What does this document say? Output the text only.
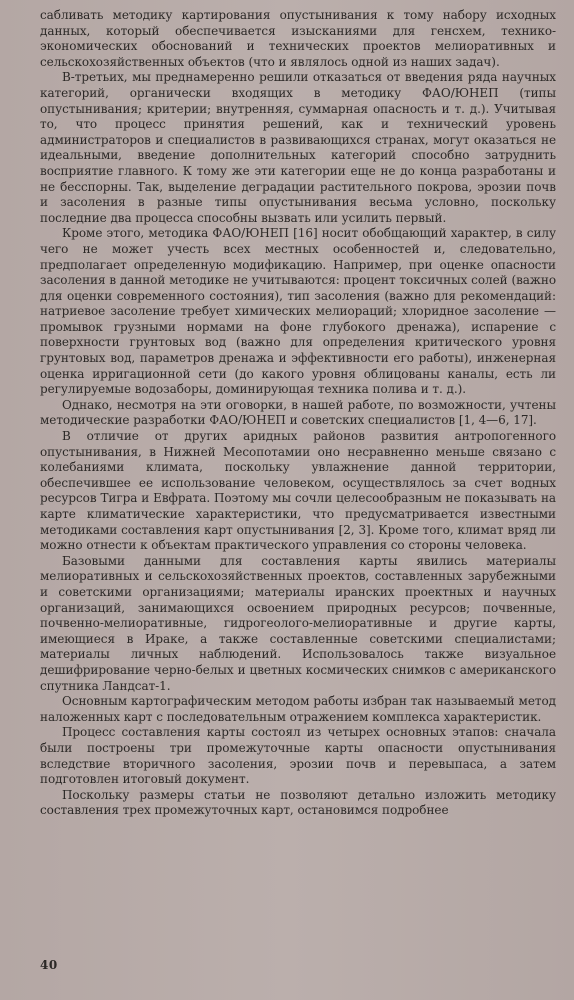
сабливать методику картирования опустынивания к тому набору исходных данных, который обеспечивается изысканиями для генсхем, технико-экономических обоснований и технических проектов мелиоративных и сельскохозяйственных объектов (что и являлось одной из наших задач).

В-третьих, мы преднамеренно решили отказаться от введения ряда научных категорий, органически входящих в методику ФАО/ЮНЕП (типы опустынивания; критерии; внутренняя, суммарная опасность и т. д.). Учитывая то, что процесс принятия решений, как и технический уровень администраторов и специалистов в развивающихся странах, могут оказаться не идеальными, введение дополнительных категорий способно затруднить восприятие главного. К тому же эти категории еще не до конца разработаны и не бесспорны. Так, выделение деградации растительного покрова, эрозии почв и засоления в разные типы опустынивания весьма условно, поскольку последние два процесса способны вызвать или усилить первый.

Кроме этого, методика ФАО/ЮНЕП [16] носит обобщающий характер, в силу чего не может учесть всех местных особенностей и, следовательно, предполагает определенную модификацию. Например, при оценке опасности засоления в данной методике не учитываются: процент токсичных солей (важно для оценки современного состояния), тип засоления (важно для рекомендаций: натриевое засоление требует химических мелиораций; хлоридное засоление — промывок грузными нормами на фоне глубокого дренажа), испарение с поверхности грунтовых вод (важно для определения критического уровня грунтовых вод, параметров дренажа и эффективности его работы), инженерная оценка ирригационной сети (до какого уровня облицованы каналы, есть ли регулируемые водозаборы, доминирующая техника полива и т. д.).

Однако, несмотря на эти оговорки, в нашей работе, по возможности, учтены методические разработки ФАО/ЮНЕП и советских специалистов [1, 4—6, 17].

В отличие от других аридных районов развития антропогенного опустынивания, в Нижней Месопотамии оно несравненно меньше связано с колебаниями климата, поскольку увлажнение данной территории, обеспечившее ее использование человеком, осуществлялось за счет водных ресурсов Тигра и Евфрата. Поэтому мы сочли целесообразным не показывать на карте климатические характеристики, что предусматривается известными методиками составления карт опустынивания [2, 3]. Кроме того, климат вряд ли можно отнести к объектам практического управления со стороны человека.

Базовыми данными для составления карты явились материалы мелиоративных и сельскохозяйственных проектов, составленных зарубежными и советскими организациями; материалы иранских проектных и научных организаций, занимающихся освоением природных ресурсов; почвенные, почвенно-мелиоративные, гидрогеолого-мелиоративные и другие карты, имеющиеся в Ираке, а также составленные советскими специалистами; материалы личных наблюдений. Использовалось также визуальное дешифрирование черно-белых и цветных космических снимков с американского спутника Ландсат-1.

Основным картографическим методом работы избран так называемый метод наложенных карт с последовательным отражением комплекса характеристик.

Процесс составления карты состоял из четырех основных этапов: сначала были построены три промежуточные карты опасности опустынивания вследствие вторичного засоления, эрозии почв и перевыпаса, а затем подготовлен итоговый документ.

Поскольку размеры статьи не позволяют детально изложить методику составления трех промежуточных карт, остановимся подробнее

40
